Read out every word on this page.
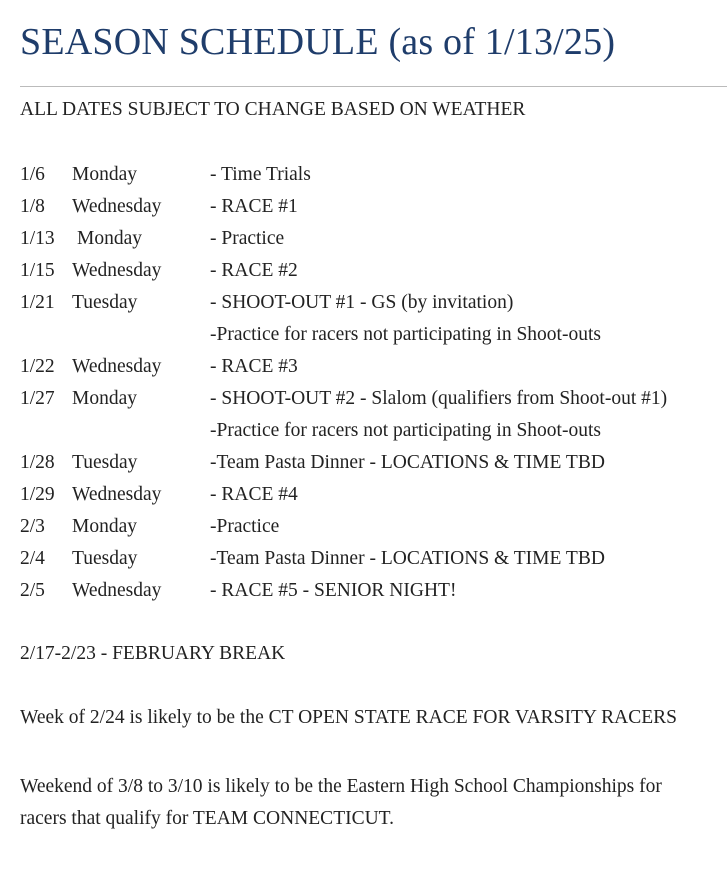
SEASON SCHEDULE (as of 1/13/25)
ALL DATES SUBJECT TO CHANGE BASED ON WEATHER
1/6 Monday	- Time Trials
1/8 Wednesday - RACE #1
1/13 Monday	- Practice
1/15 Wednesday - RACE #2
1/21 Tuesday	- SHOOT-OUT #1 - GS (by invitation)
-Practice for racers not participating in Shoot-outs
1/22 Wednesday - RACE #3
1/27 Monday	- SHOOT-OUT #2 - Slalom (qualifiers from Shoot-out #1)
-Practice for racers not participating in Shoot-outs
1/28 Tuesday	-Team Pasta Dinner - LOCATIONS & TIME TBD
1/29 Wednesday - RACE #4
2/3 Monday	-Practice
2/4 Tuesday	-Team Pasta Dinner - LOCATIONS & TIME TBD
2/5 Wednesday - RACE #5 - SENIOR NIGHT!
2/17-2/23 - FEBRUARY BREAK
Week of 2/24 is likely to be the CT OPEN STATE RACE FOR VARSITY RACERS
Weekend of 3/8 to 3/10 is likely to be the Eastern High School Championships for
racers that qualify for TEAM CONNECTICUT.
